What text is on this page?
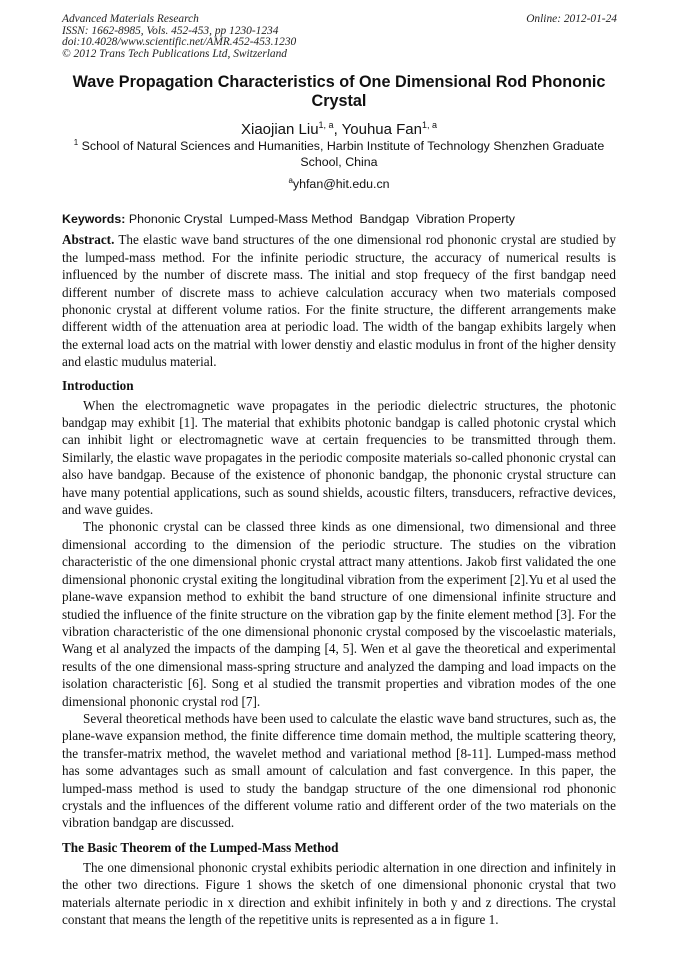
Advanced Materials Research
ISSN: 1662-8985, Vols. 452-453, pp 1230-1234
doi:10.4028/www.scientific.net/AMR.452-453.1230
© 2012 Trans Tech Publications Ltd, Switzerland
Online: 2012-01-24
Wave Propagation Characteristics of One Dimensional Rod Phononic Crystal
Xiaojian Liu$^{1, a}$, Youhua Fan$^{1, a}$
$^1$ School of Natural Sciences and Humanities, Harbin Institute of Technology Shenzhen Graduate School, China
$^a$yhfan@hit.edu.cn
Keywords: Phononic Crystal  Lumped-Mass Method  Bandgap  Vibration Property

Abstract. The elastic wave band structures of the one dimensional rod phononic crystal are studied by the lumped-mass method. For the infinite periodic structure, the accuracy of numerical results is influenced by the number of discrete mass. The initial and stop frequecy of the first bandgap need different number of discrete mass to achieve calculation accuracy when two materials composed phononic crystal at different volume ratios. For the finite structure, the different arrangements make different width of the attenuation area at periodic load. The width of the bangap exhibits largely when the external load acts on the matrial with lower denstiy and elastic modulus in front of the higher density and elastic mudulus material.

Introduction

When the electromagnetic wave propagates in the periodic dielectric structures, the photonic bandgap may exhibit [1]. The material that exhibits photonic bandgap is called photonic crystal which can inhibit light or electromagnetic wave at certain frequencies to be transmitted through them. Similarly, the elastic wave propagates in the periodic composite materials so-called phononic crystal can also have bandgap. Because of the existence of phononic bandgap, the phononic crystal structure can have many potential applications, such as sound shields, acoustic filters, transducers, refractive devices, and wave guides.

The phononic crystal can be classed three kinds as one dimensional, two dimensional and three dimensional according to the dimension of the periodic structure. The studies on the vibration characteristic of the one dimensional phonic crystal attract many attentions. Jakob first validated the one dimensional phononic crystal exiting the longitudinal vibration from the experiment [2].Yu et al used the plane-wave expansion method to exhibit the band structure of one dimensional infinite structure and studied the influence of the finite structure on the vibration gap by the finite element method [3]. For the vibration characteristic of the one dimensional phononic crystal composed by the viscoelastic materials, Wang et al analyzed the impacts of the damping [4, 5]. Wen et al gave the theoretical and experimental results of the one dimensional mass-spring structure and analyzed the damping and load impacts on the isolation characteristic [6]. Song et al studied the transmit properties and vibration modes of the one dimensional phononic crystal rod [7].

Several theoretical methods have been used to calculate the elastic wave band structures, such as, the plane-wave expansion method, the finite difference time domain method, the multiple scattering theory, the transfer-matrix method, the wavelet method and variational method [8-11]. Lumped-mass method has some advantages such as small amount of calculation and fast convergence. In this paper, the lumped-mass method is used to study the bandgap structure of the one dimensional rod phononic crystals and the influences of the different volume ratio and different order of the two materials on the vibration bandgap are discussed.

The Basic Theorem of the Lumped-Mass Method

The one dimensional phononic crystal exhibits periodic alternation in one direction and infinitely in the other two directions. Figure 1 shows the sketch of one dimensional phononic crystal that two materials alternate periodic in x direction and exhibit infinitely in both y and z directions. The crystal constant that means the length of the repetitive units is represented as a in figure 1.
